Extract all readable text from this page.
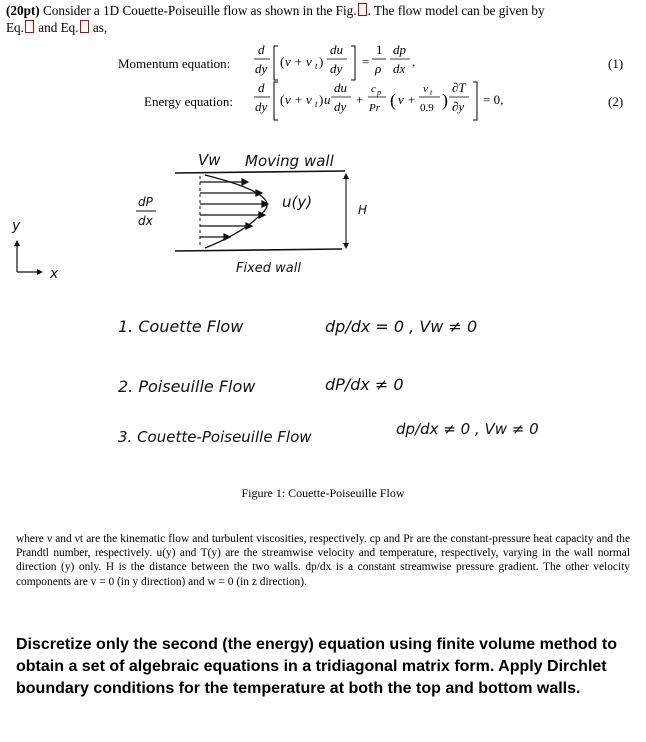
(20pt) Consider a 1D Couette-Poiseuille flow as shown in the Fig. . The flow model can be given by
Eq. and Eq. as,
Momentum equation:
d
dy ( ν + ν t )
du
dy =
1
ρ
dp
dx ,	(1)
Energy equation:
d
dy ( ν + ν t ) u
du
dy +
c p
Pr ( ν +
ν t
0.9 )
∂T
∂y = 0,	(2)
Vw Moving wall
u(y)	H
dP
dx
y
x	Fixed wall
1. Couette Flow	dp/dx = 0 , Vw ≠ 0
2. Poiseuille Flow	dP/dx ≠ 0
3. Couette-Poiseuille Flow	dp/dx ≠ 0 , Vw ≠ 0
Figure 1: Couette-Poiseuille Flow
where ν and νt are the kinematic flow and turbulent viscosities, respectively. cp and Pr are the constant-pressure heat capacity and the Prandtl number, respectively. u(y) and T(y) are the streamwise velocity and temperature, respectively, varying in the wall normal direction (y) only. H is the distance between the two walls. dp/dx is a constant streamwise pressure gradient. The other velocity components are v = 0 (in y direction) and w = 0 (in z direction).
Discretize only the second (the energy) equation using finite volume method to obtain a set of algebraic equations in a tridiagonal matrix form. Apply Dirchlet boundary conditions for the temperature at both the top and bottom walls.
